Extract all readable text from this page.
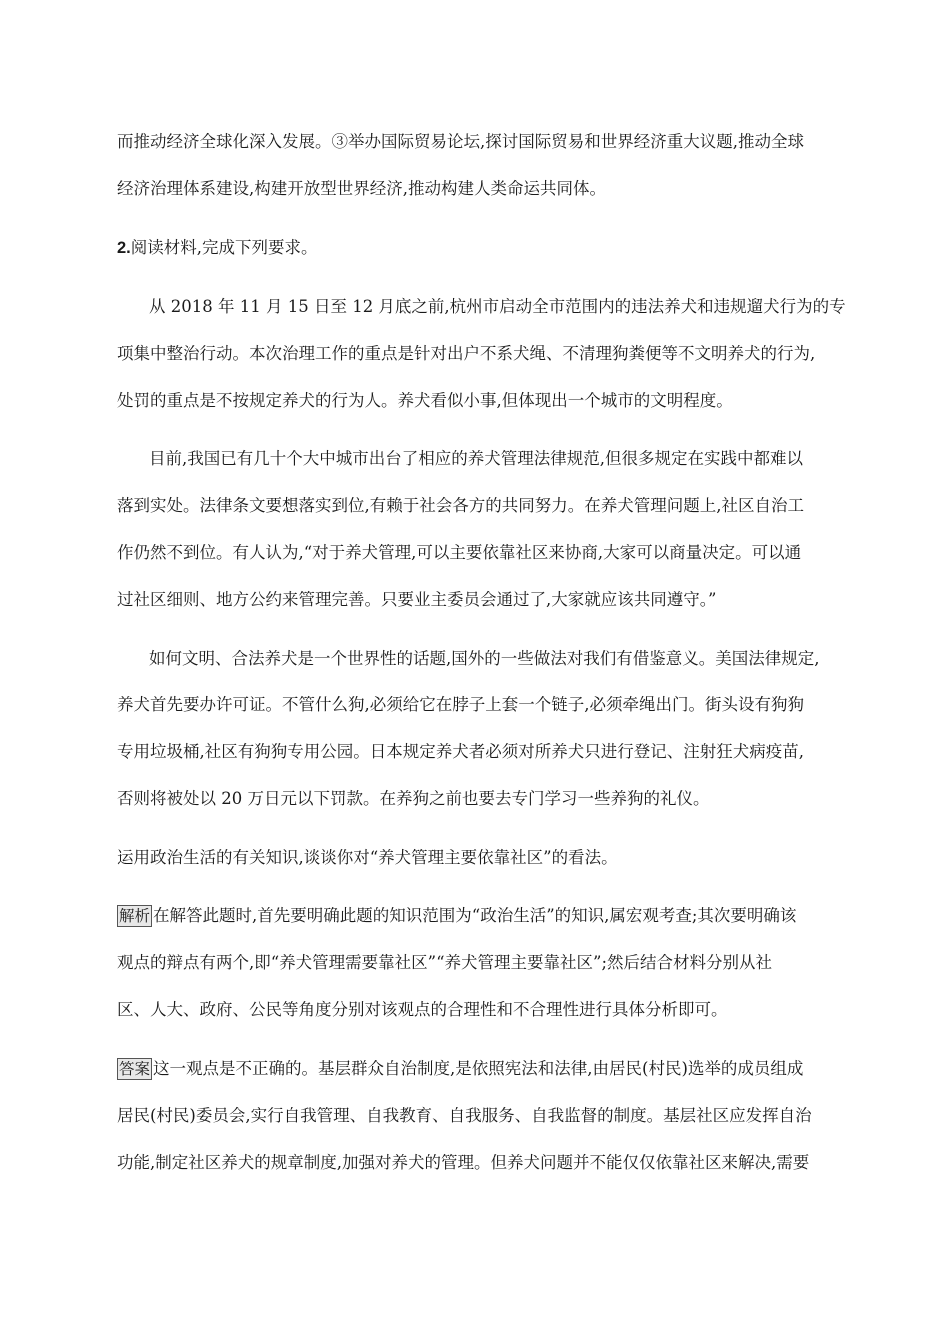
而推动经济全球化深入发展。③举办国际贸易论坛,探讨国际贸易和世界经济重大议题,推动全球
经济治理体系建设,构建开放型世界经济,推动构建人类命运共同体。
2.阅读材料,完成下列要求。
从 2018 年 11 月 15 日至 12 月底之前,杭州市启动全市范围内的违法养犬和违规遛犬行为的专
项集中整治行动。本次治理工作的重点是针对出户不系犬绳、不清理狗粪便等不文明养犬的行为,
处罚的重点是不按规定养犬的行为人。养犬看似小事,但体现出一个城市的文明程度。
目前,我国已有几十个大中城市出台了相应的养犬管理法律规范,但很多规定在实践中都难以
落到实处。法律条文要想落实到位,有赖于社会各方的共同努力。在养犬管理问题上,社区自治工
作仍然不到位。有人认为,“对于养犬管理,可以主要依靠社区来协商,大家可以商量决定。可以通
过社区细则、地方公约来管理完善。只要业主委员会通过了,大家就应该共同遵守。”
如何文明、合法养犬是一个世界性的话题,国外的一些做法对我们有借鉴意义。美国法律规定,
养犬首先要办许可证。不管什么狗,必须给它在脖子上套一个链子,必须牵绳出门。街头设有狗狗
专用垃圾桶,社区有狗狗专用公园。日本规定养犬者必须对所养犬只进行登记、注射狂犬病疫苗,
否则将被处以 20 万日元以下罚款。在养狗之前也要去专门学习一些养狗的礼仪。
运用政治生活的有关知识,谈谈你对“养犬管理主要依靠社区”的看法。
解析 在解答此题时,首先要明确此题的知识范围为“政治生活”的知识,属宏观考查;其次要明确该
观点的辩点有两个,即“养犬管理需要靠社区”“养犬管理主要靠社区”;然后结合材料分别从社
区、人大、政府、公民等角度分别对该观点的合理性和不合理性进行具体分析即可。
答案 这一观点是不正确的。基层群众自治制度,是依照宪法和法律,由居民(村民)选举的成员组成
居民(村民)委员会,实行自我管理、自我教育、自我服务、自我监督的制度。基层社区应发挥自治
功能,制定社区养犬的规章制度,加强对养犬的管理。但养犬问题并不能仅仅依靠社区来解决,需要
